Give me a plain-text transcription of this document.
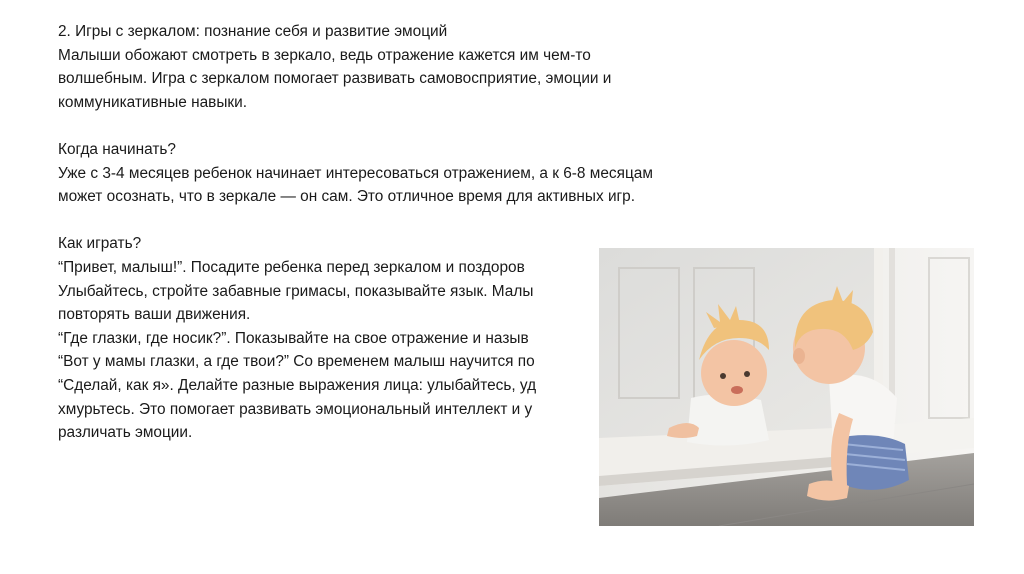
2. Игры с зеркалом: познание себя и развитие эмоций

Малыши обожают смотреть в зеркало, ведь отражение кажется им чем-то

волшебным. Игра с зеркалом помогает развивать самовосприятие, эмоции и

коммуникативные навыки.

Когда начинать?

Уже с 3-4 месяцев ребенок начинает интересоваться отражением, а к 6-8 месяцам

может осознать, что в зеркале — он сам. Это отличное время для активных игр.

Как играть?

“Привет, малыш!”. Посадите ребенка перед зеркалом и поздоров

Улыбайтесь, стройте забавные гримасы, показывайте язык. Малы

повторять ваши движения.

“Где глазки, где носик?”. Показывайте на свое отражение и назыв

“Вот у мамы глазки, а где твои?” Со временем малыш научится по

“Сделай, как я». Делайте разные выражения лица: улыбайтесь, уд

хмурьтесь. Это помогает развивать эмоциональный интеллект и у

различать эмоции.
